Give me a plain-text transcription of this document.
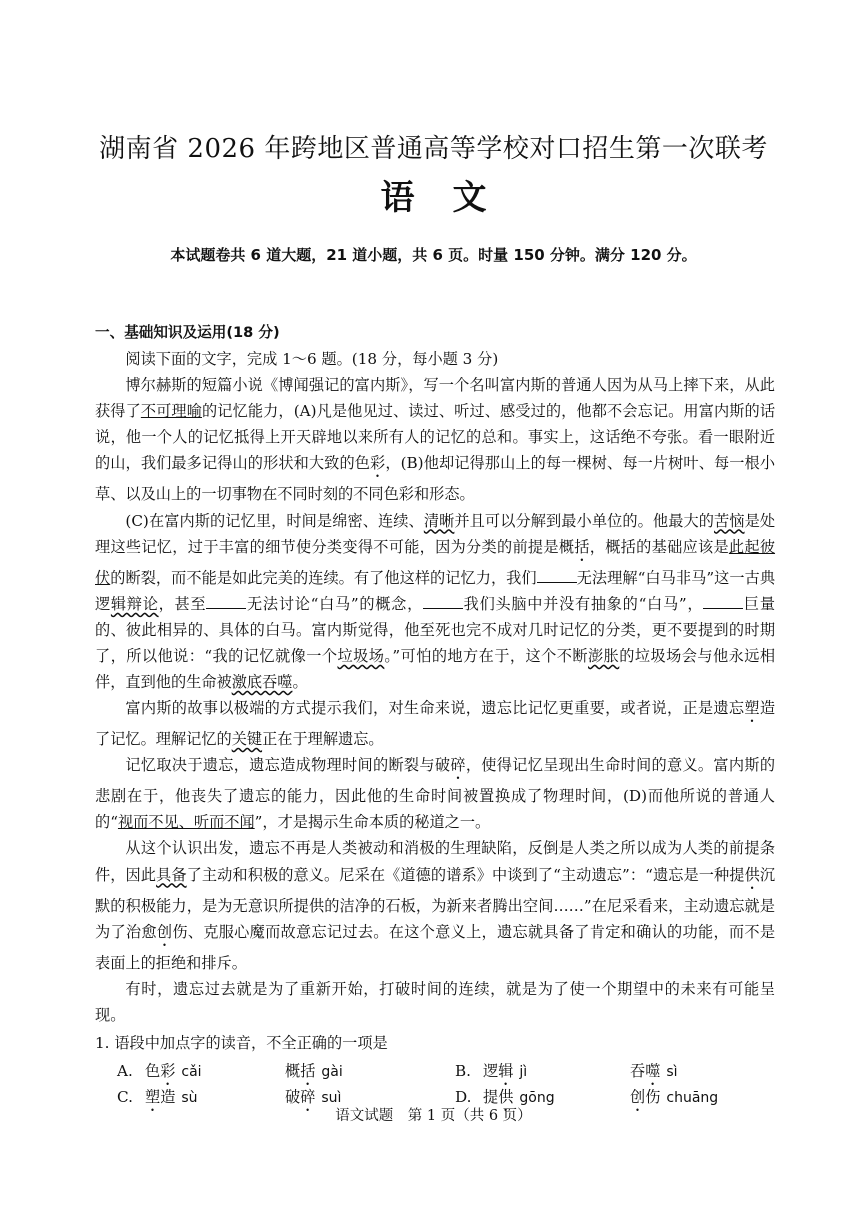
湖南省 2026 年跨地区普通高等学校对口招生第一次联考
语文
本试题卷共 6 道大题，21 道小题，共 6 页。时量 150 分钟。满分 120 分。

一、基础知识及运用(18 分)

阅读下面的文字，完成 1～6 题。(18 分，每小题 3 分)

博尔赫斯的短篇小说《博闻强记的富内斯》，写一个名叫富内斯的普通人因为从马上摔下来，从此获得了不可理喻的记忆能力，(A)凡是他见过、读过、听过、感受过的，他都不会忘记。用富内斯的话说，他一个人的记忆抵得上开天辟地以来所有人的记忆的总和。事实上，这话绝不夸张。看一眼附近的山，我们最多记得山的形状和大致的色彩，(B)他却记得那山上的每一棵树、每一片树叶、每一根小草、以及山上的一切事物在不同时刻的不同色彩和形态。

(C)在富内斯的记忆里，时间是绵密、连续、清晰并且可以分解到最小单位的。他最大的苦恼是处理这些记忆，过于丰富的细节使分类变得不可能，因为分类的前提是概括，概括的基础应该是此起彼伏的断裂，而不能是如此完美的连续。有了他这样的记忆力，我们	无法理解“白马非马”这一古典逻辑辩论，甚至	无法讨论“白马”的概念，	我们头脑中并没有抽象的“白马”，	巨量的、彼此相异的、具体的白马。富内斯觉得，他至死也完不成对几时记忆的分类，更不要提到的时期了，所以他说：“我的记忆就像一个垃圾场。”可怕的地方在于，这个不断澎胀的垃圾场会与他永远相伴，直到他的生命被激底吞噬。

富内斯的故事以极端的方式提示我们，对生命来说，遗忘比记忆更重要，或者说，正是遗忘塑造了记忆。理解记忆的关键正在于理解遗忘。

记忆取决于遗忘，遗忘造成物理时间的断裂与破碎，使得记忆呈现出生命时间的意义。富内斯的悲剧在于，他丧失了遗忘的能力，因此他的生命时间被置换成了物理时间，(D)而他所说的普通人的“视而不见、听而不闻”，才是揭示生命本质的秘道之一。

从这个认识出发，遗忘不再是人类被动和消极的生理缺陷，反倒是人类之所以成为人类的前提条件，因此具备了主动和积极的意义。尼采在《道德的谱系》中谈到了“主动遗忘”：“遗忘是一种提供沉默的积极能力，是为无意识所提供的洁净的石板，为新来者腾出空间……”在尼采看来，主动遗忘就是为了治愈创伤、克服心魔而故意忘记过去。在这个意义上，遗忘就具备了肯定和确认的功能，而不是表面上的拒绝和排斥。

有时，遗忘过去就是为了重新开始，打破时间的连续，就是为了使一个期望中的未来有可能呈现。

1. 语段中加点字的读音，不全正确的一项是

A. 色彩 cǎi	概括 gài	B. 逻辑 jì	吞噬 sì
C. 塑造 sù	破碎 suì	D. 提供 gōng	创伤 chuāng
语文试题　第 1 页（共 6 页）
